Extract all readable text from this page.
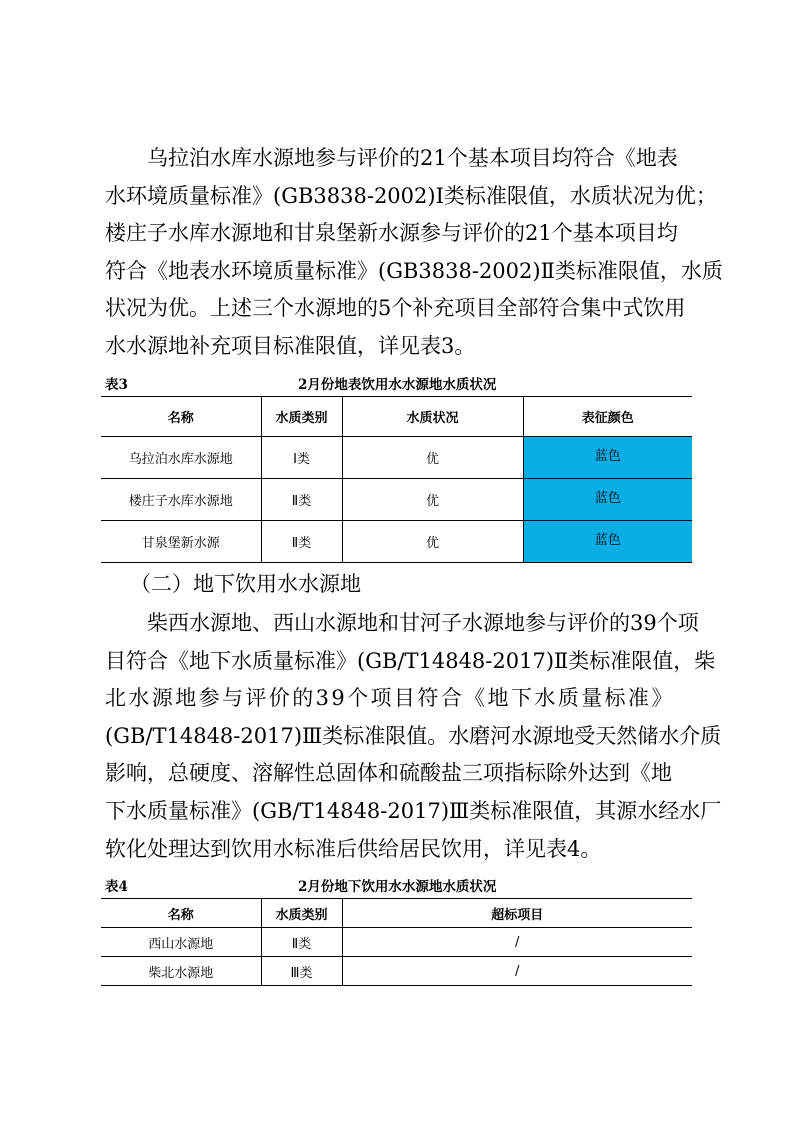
乌拉泊水库水源地参与评价的21个基本项目均符合《地表
水环境质量标准》(GB3838-2002)Ⅰ类标准限值，水质状况为优；
楼庄子水库水源地和甘泉堡新水源参与评价的21个基本项目均
符合《地表水环境质量标准》(GB3838-2002)Ⅱ类标准限值，水质
状况为优。上述三个水源地的5个补充项目全部符合集中式饮用
水水源地补充项目标准限值，详见表3。
表3	2月份地表饮用水水源地水质状况
名称	水质类别	水质状况	表征颜色
乌拉泊水库水源地	Ⅰ类	优	蓝色
楼庄子水库水源地	Ⅱ类	优	蓝色
甘泉堡新水源	Ⅱ类	优	蓝色
（二）地下饮用水水源地
柴西水源地、西山水源地和甘河子水源地参与评价的39个项
目符合《地下水质量标准》(GB/T14848-2017)Ⅱ类标准限值，柴
北水源地参与评价的39个项目符合《地下水质量标准》
(GB/T14848-2017)Ⅲ类标准限值。水磨河水源地受天然储水介质
影响，总硬度、溶解性总固体和硫酸盐三项指标除外达到《地
下水质量标准》(GB/T14848-2017)Ⅲ类标准限值，其源水经水厂
软化处理达到饮用水标准后供给居民饮用，详见表4。
表4	2月份地下饮用水水源地水质状况
名称	水质类别	超标项目
西山水源地	Ⅱ类	/
柴北水源地	Ⅲ类	/
